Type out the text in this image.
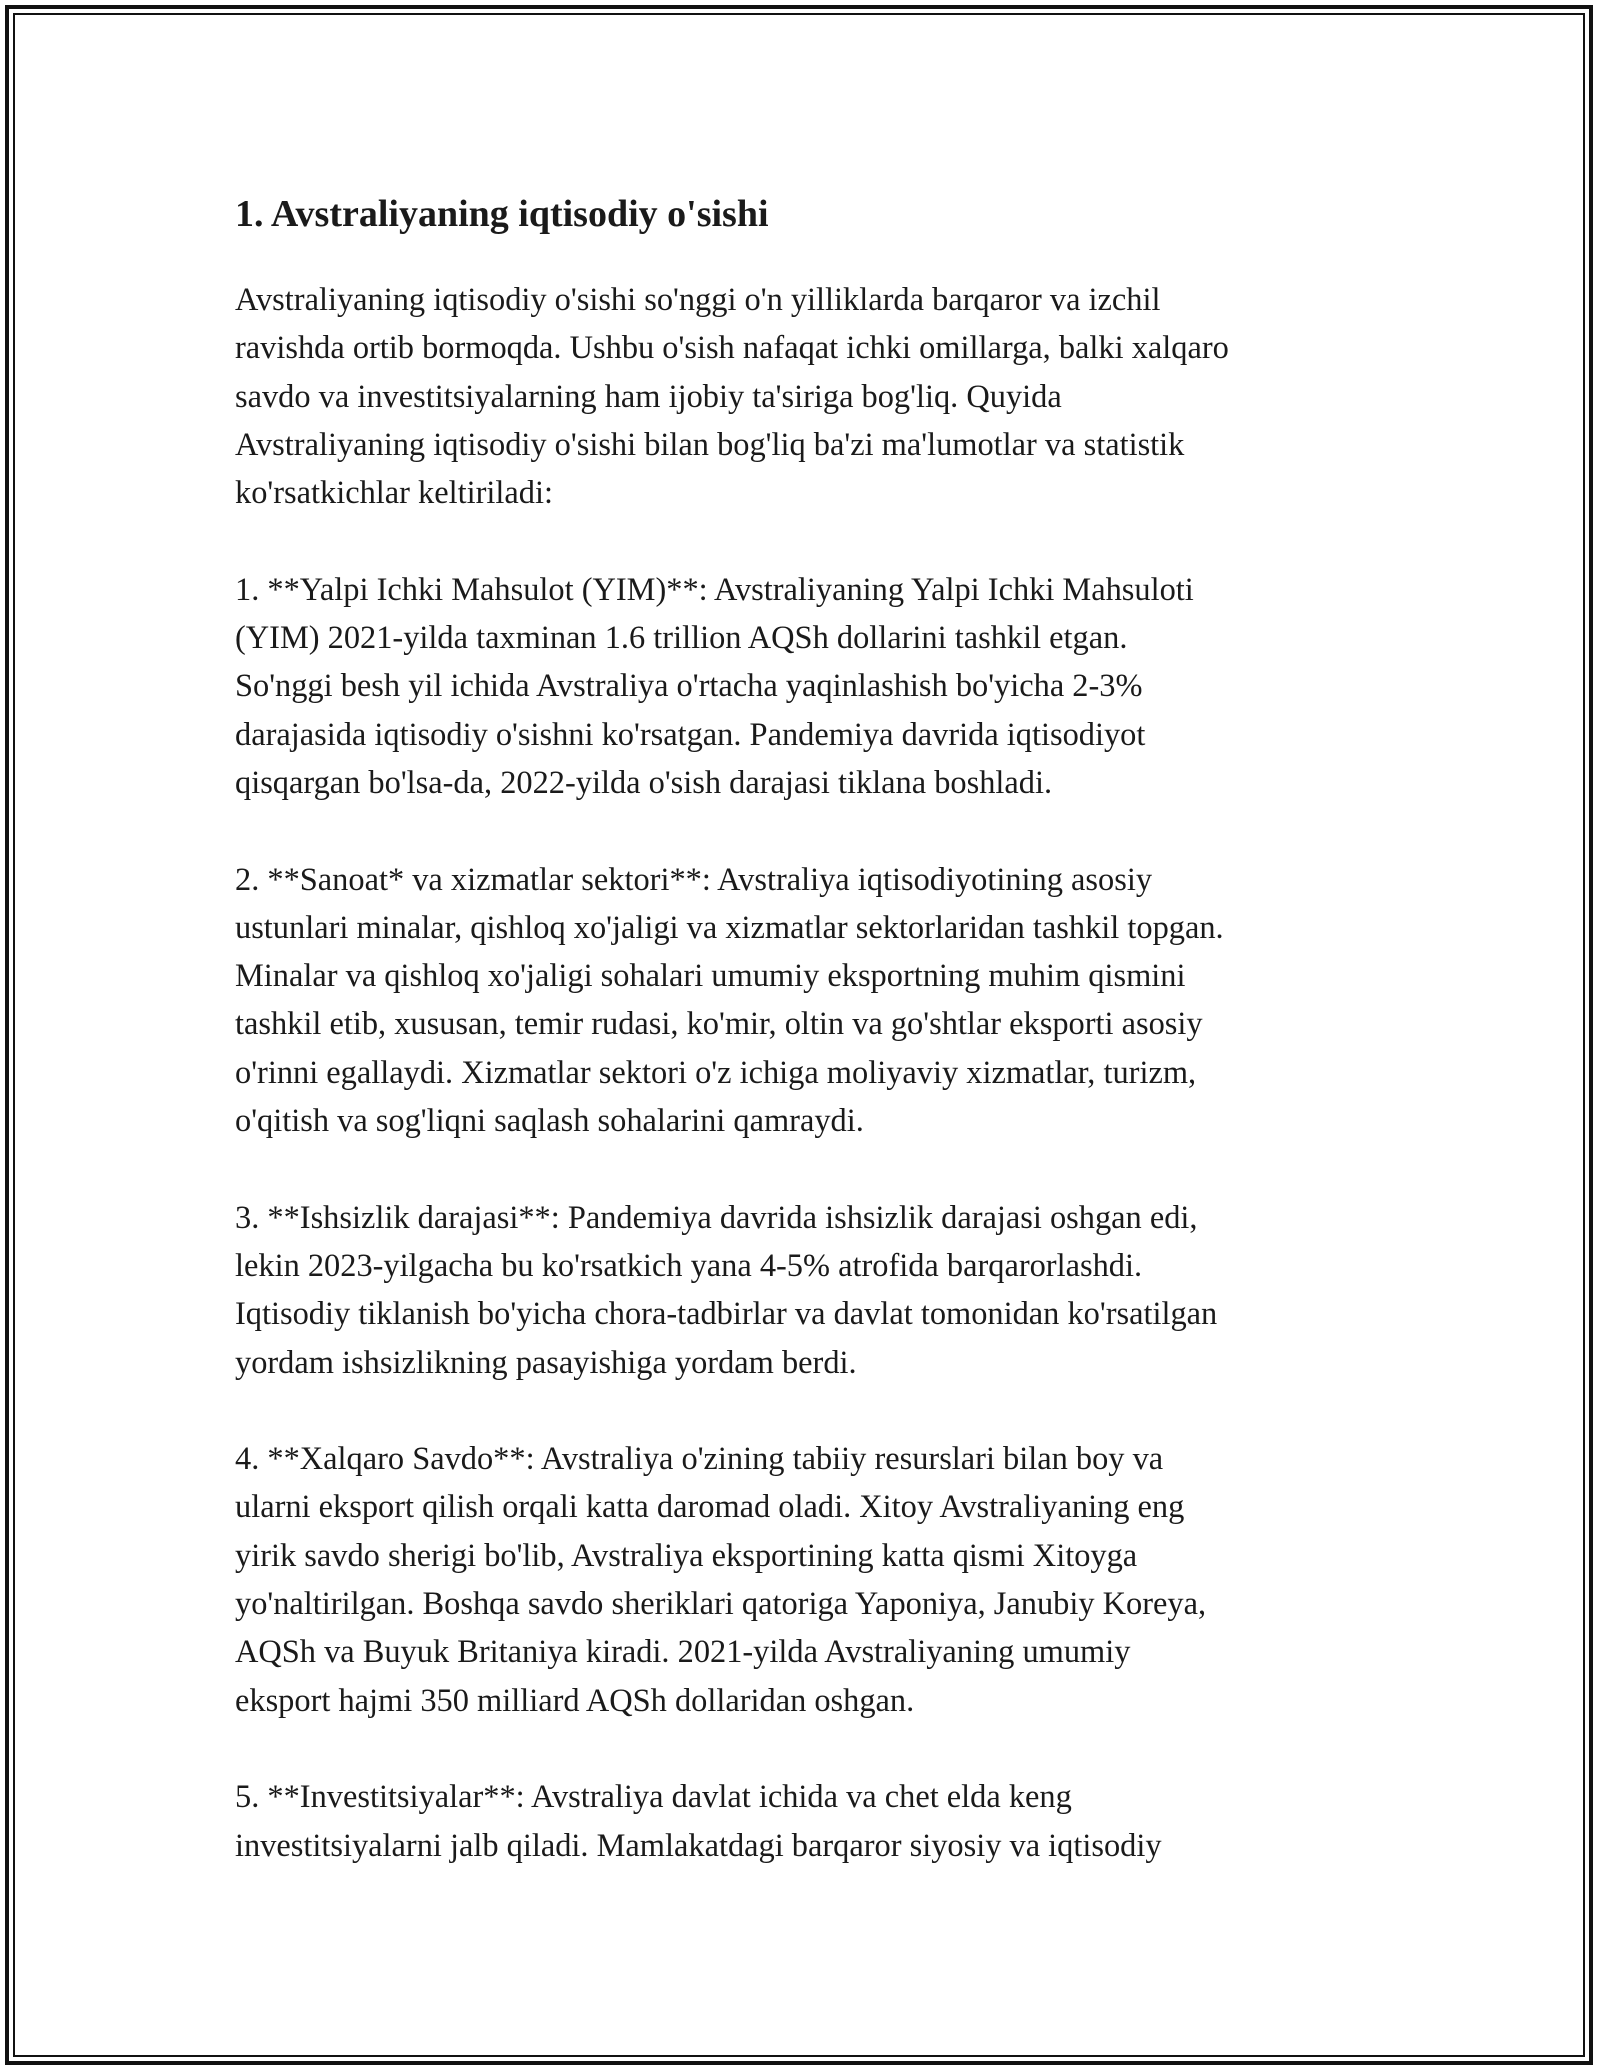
1. Avstraliyaning iqtisodiy o'sishi
Avstraliyaning iqtisodiy o'sishi so'nggi o'n yilliklarda barqaror va izchil
ravishda ortib bormoqda. Ushbu o'sish nafaqat ichki omillarga, balki xalqaro
savdo va investitsiyalarning ham ijobiy ta'siriga bog'liq. Quyida
Avstraliyaning iqtisodiy o'sishi bilan bog'liq ba'zi ma'lumotlar va statistik
ko'rsatkichlar keltiriladi:
1. **Yalpi Ichki Mahsulot (YIM)**: Avstraliyaning Yalpi Ichki Mahsuloti
(YIM) 2021-yilda taxminan 1.6 trillion AQSh dollarini tashkil etgan.
So'nggi besh yil ichida Avstraliya o'rtacha yaqinlashish bo'yicha 2-3%
darajasida iqtisodiy o'sishni ko'rsatgan. Pandemiya davrida iqtisodiyot
qisqargan bo'lsa-da, 2022-yilda o'sish darajasi tiklana boshladi.
2. **Sanoat* va xizmatlar sektori**: Avstraliya iqtisodiyotining asosiy
ustunlari minalar, qishloq xo'jaligi va xizmatlar sektorlaridan tashkil topgan.
Minalar va qishloq xo'jaligi sohalari umumiy eksportning muhim qismini
tashkil etib, xususan, temir rudasi, ko'mir, oltin va go'shtlar eksporti asosiy
o'rinni egallaydi. Xizmatlar sektori o'z ichiga moliyaviy xizmatlar, turizm,
o'qitish va sog'liqni saqlash sohalarini qamraydi.
3. **Ishsizlik darajasi**: Pandemiya davrida ishsizlik darajasi oshgan edi,
lekin 2023-yilgacha bu ko'rsatkich yana 4-5% atrofida barqarorlashdi.
Iqtisodiy tiklanish bo'yicha chora-tadbirlar va davlat tomonidan ko'rsatilgan
yordam ishsizlikning pasayishiga yordam berdi.
4. **Xalqaro Savdo**: Avstraliya o'zining tabiiy resurslari bilan boy va
ularni eksport qilish orqali katta daromad oladi. Xitoy Avstraliyaning eng
yirik savdo sherigi bo'lib, Avstraliya eksportining katta qismi Xitoyga
yo'naltirilgan. Boshqa savdo sheriklari qatoriga Yaponiya, Janubiy Koreya,
AQSh va Buyuk Britaniya kiradi. 2021-yilda Avstraliyaning umumiy
eksport hajmi 350 milliard AQSh dollaridan oshgan.
5. **Investitsiyalar**: Avstraliya davlat ichida va chet elda keng
investitsiyalarni jalb qiladi. Mamlakatdagi barqaror siyosiy va iqtisodiy
